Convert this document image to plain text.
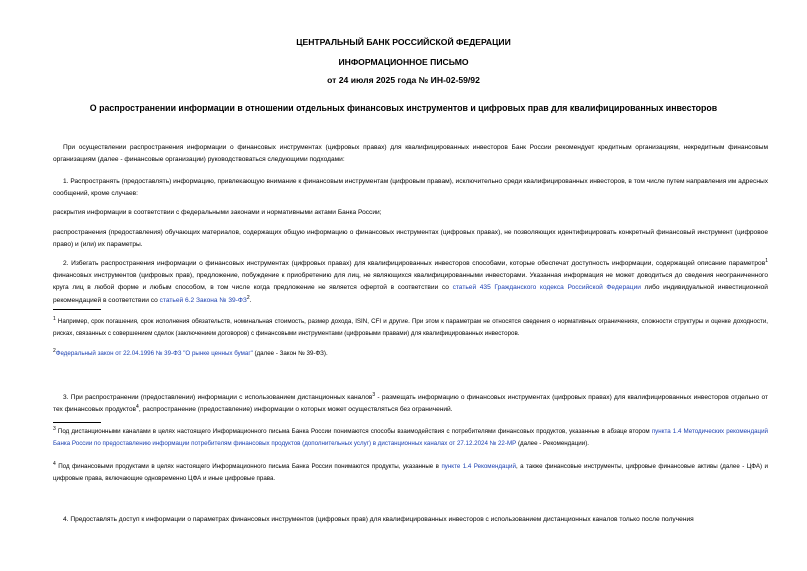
ЦЕНТРАЛЬНЫЙ БАНК РОССИЙСКОЙ ФЕДЕРАЦИИ
ИНФОРМАЦИОННОЕ ПИСЬМО
от 24 июля 2025 года № ИН-02-59/92
О распространении информации в отношении отдельных финансовых инструментов и цифровых прав для квалифицированных инвесторов
При осуществлении распространения информации о финансовых инструментах (цифровых правах) для квалифицированных инвесторов Банк России рекомендует кредитным организациям, некредитным финансовым организациям (далее - финансовые организации) руководствоваться следующими подходами:
1. Распространять (предоставлять) информацию, привлекающую внимание к финансовым инструментам (цифровым правам), исключительно среди квалифицированных инвесторов, в том числе путем направления им адресных сообщений, кроме случаев:
раскрытия информации в соответствии с федеральными законами и нормативными актами Банка России;
распространения (предоставления) обучающих материалов, содержащих общую информацию о финансовых инструментах (цифровых правах), не позволяющих идентифицировать конкретный финансовый инструмент (цифровое право) и (или) их параметры.
2. Избегать распространения информации о финансовых инструментах (цифровых правах) для квалифицированных инвесторов способами, которые обеспечат доступность информации, содержащей описание параметров$^1$ финансовых инструментов (цифровых прав), предложение, побуждение к приобретению для лиц, не являющихся квалифицированными инвесторами. Указанная информация не может доводиться до сведения неограниченного круга лиц в любой форме и любым способом, в том числе когда предложение не является офертой в соответствии со статьей 435 Гражданского кодекса Российской Федерации либо индивидуальной инвестиционной рекомендацией в соответствии со статьей 6.2 Закона № $39-ФЗ^2$.
$^1$ Например, срок погашения, срок исполнения обязательств, номинальная стоимость, размер дохода, ISIN, CFI и другие. При этом к параметрам не относятся сведения о нормативных ограничениях, сложности структуры и оценке доходности, рисках, связанных с совершением сделок (заключением договоров) с финансовыми инструментами (цифровыми правами) для квалифицированных инвесторов.
$^2$Федеральный закон от 22.04.1996 № 39-ФЗ "О рынке ценных бумаг" (далее - Закон № 39-ФЗ).
3. При распространении (предоставлении) информации с использованием дистанционных каналов$^3$ - размещать информацию о финансовых инструментах (цифровых правах) для квалифицированных инвесторов отдельно от тех финансовых продуктов$^4$, распространение (предоставление) информации о которых может осуществляться без ограничений.
$^3$ Под дистанционными каналами в целях настоящего Информационного письма Банка России понимаются способы взаимодействия с потребителями финансовых продуктов, указанные в абзаце втором пункта 1.4 Методических рекомендаций Банка России по предоставлению информации потребителям финансовых продуктов (дополнительных услуг) в дистанционных каналах от 27.12.2024 № 22-МР (далее - Рекомендации).
$^4$ Под финансовыми продуктами в целях настоящего Информационного письма Банка России понимаются продукты, указанные в пункте 1.4 Рекомендаций, а также финансовые инструменты, цифровые финансовые активы (далее - ЦФА) и цифровые права, включающие одновременно ЦФА и иные цифровые права.
4. Предоставлять доступ к информации о параметрах финансовых инструментов (цифровых прав) для квалифицированных инвесторов с использованием дистанционных каналов только после получения
